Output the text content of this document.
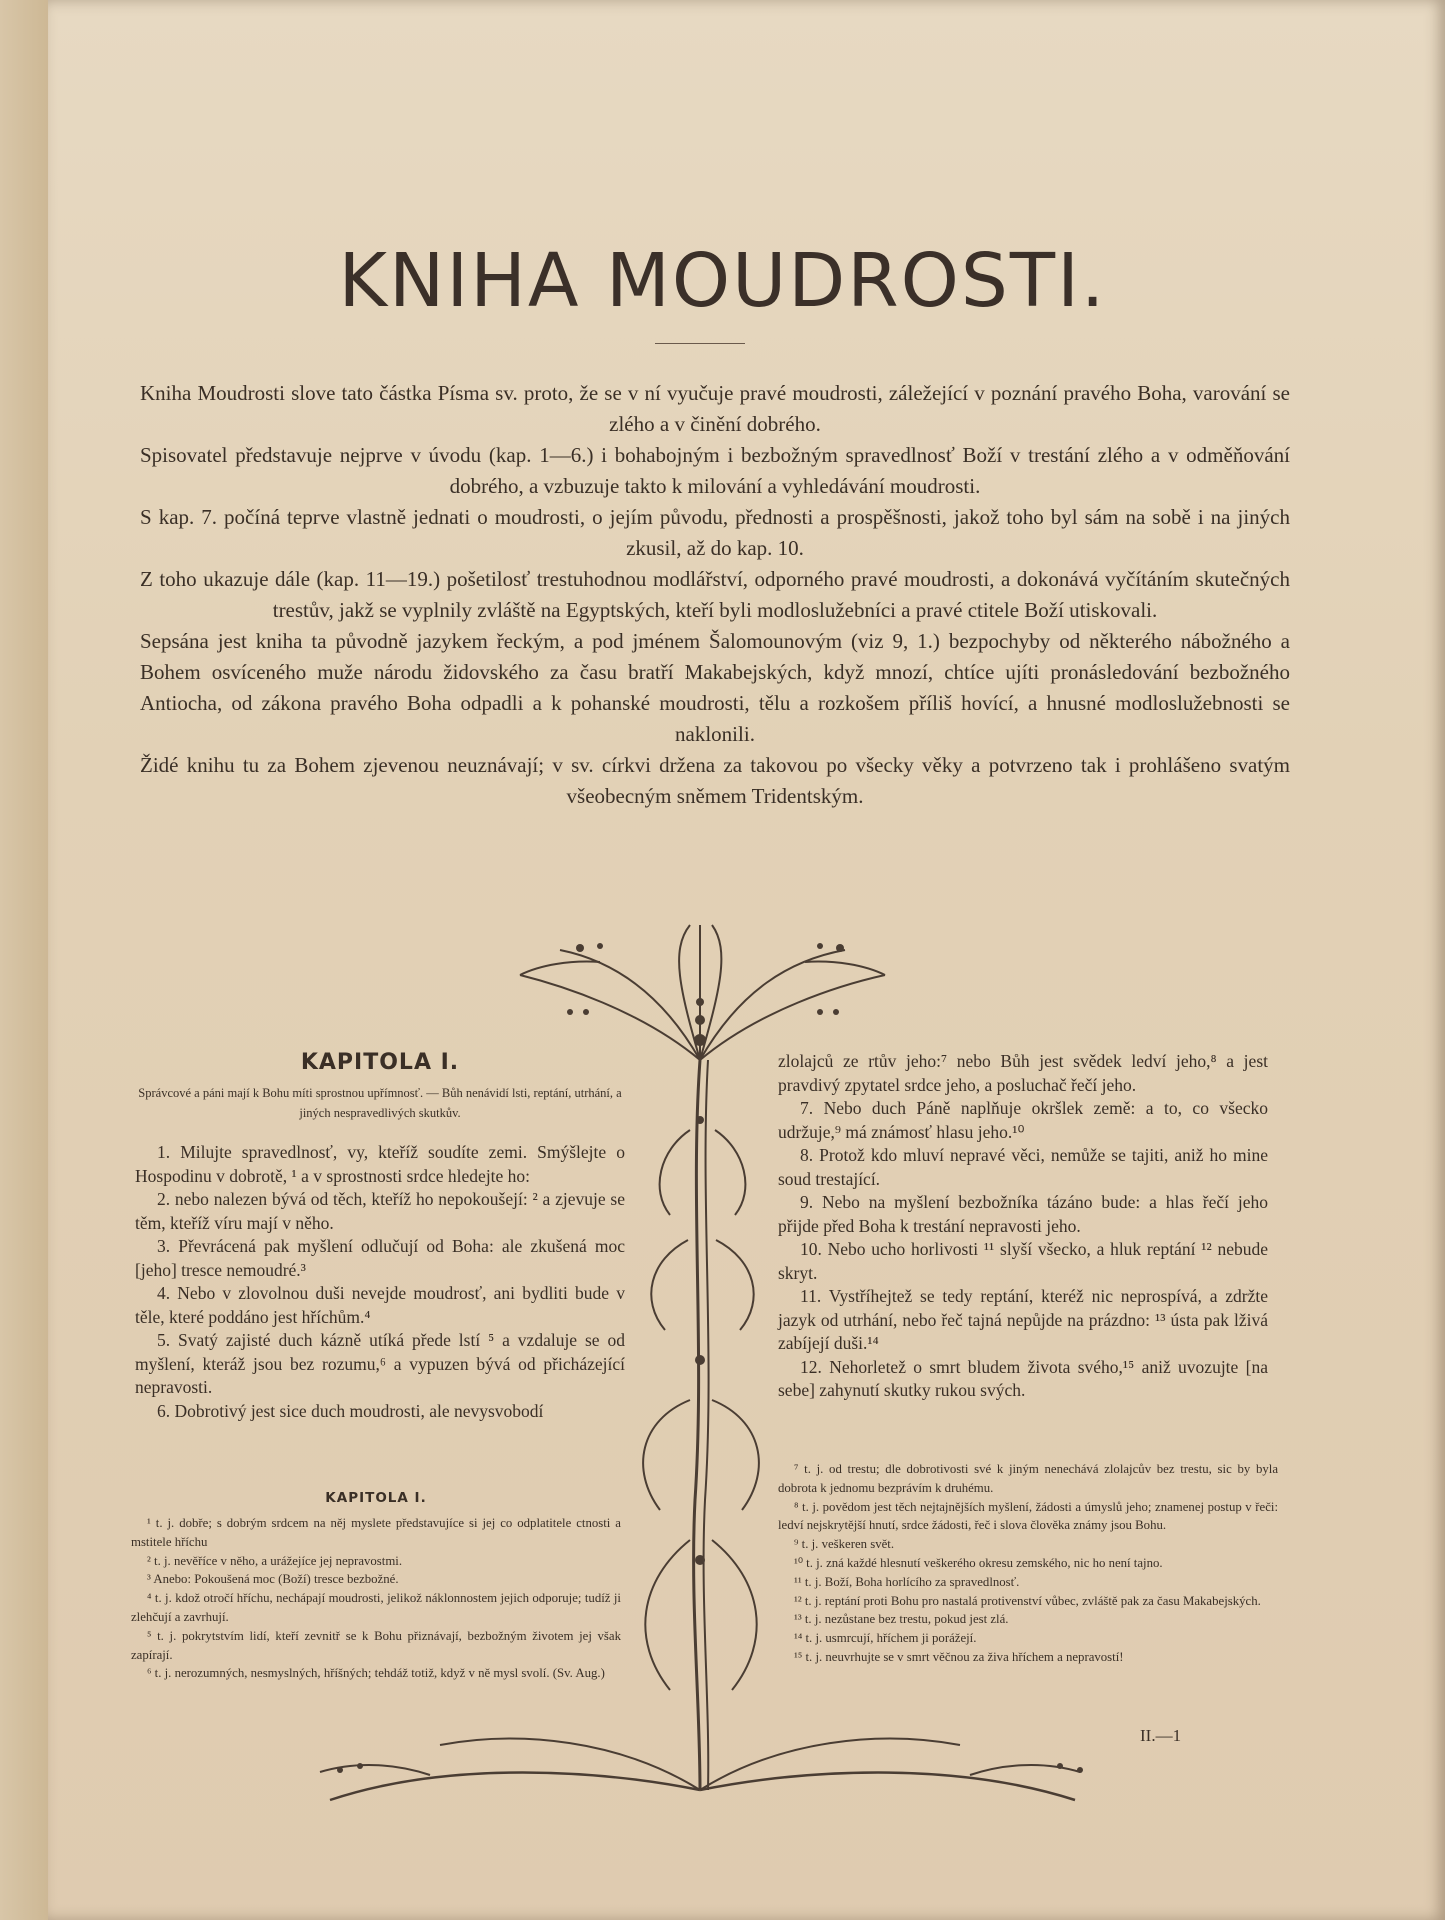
KNIHA MOUDROSTI.

Kniha Moudrosti slove tato částka Písma sv. proto, že se v ní vyučuje pravé moudrosti, záležející v poznání pravého Boha, varování se zlého a v činění dobrého.

Spisovatel představuje nejprve v úvodu (kap. 1—6.) i bohabojným i bezbožným spravedlnosť Boží v trestání zlého a v odměňování dobrého, a vzbuzuje takto k milování a vyhledávání moudrosti.

S kap. 7. počíná teprve vlastně jednati o moudrosti, o jejím původu, přednosti a prospěšnosti, jakož toho byl sám na sobě i na jiných zkusil, až do kap. 10.

Z toho ukazuje dále (kap. 11—19.) pošetilosť trestuhodnou modlářství, odporného pravé moudrosti, a dokonává vyčítáním skutečných trestův, jakž se vyplnily zvláště na Egyptských, kteří byli modloslužebníci a pravé ctitele Boží utiskovali.

Sepsána jest kniha ta původně jazykem řeckým, a pod jménem Šalomounovým (viz 9, 1.) bezpochyby od některého nábožného a Bohem osvíceného muže národu židovského za času bratří Makabejských, když mnozí, chtíce ujíti pronásledování bezbožného Antiocha, od zákona pravého Boha odpadli a k pohanské moudrosti, tělu a rozkošem příliš hovící, a hnusné modloslužebnosti se naklonili.

Židé knihu tu za Bohem zjevenou neuznávají; v sv. církvi držena za takovou po všecky věky a potvrzeno tak i prohlášeno svatým všeobecným sněmem Tridentským.

KAPITOLA I.

Správcové a páni mají k Bohu míti sprostnou upřímnosť. — Bůh nenávidí lsti, reptání, utrhání, a jiných nespravedlivých skutkův.

1. Milujte spravedlnosť, vy, kteříž soudíte zemi. Smýšlejte o Hospodinu v dobrotě, ¹ a v sprostnosti srdce hledejte ho:

2. nebo nalezen bývá od těch, kteříž ho nepokoušejí: ² a zjevuje se těm, kteříž víru mají v něho.

3. Převrácená pak myšlení odlučují od Boha: ale zkušená moc [jeho] tresce nemoudré.³

4. Nebo v zlovolnou duši nevejde moudrosť, ani bydliti bude v těle, které poddáno jest hříchům.⁴

5. Svatý zajisté duch kázně utíká přede lstí ⁵ a vzdaluje se od myšlení, kteráž jsou bez rozumu,⁶ a vypuzen bývá od přicházející nepravosti.

6. Dobrotivý jest sice duch moudrosti, ale nevysvobodí

zlolajců ze rtův jeho:⁷ nebo Bůh jest svědek ledví jeho,⁸ a jest pravdivý zpytatel srdce jeho, a posluchač řečí jeho.

7. Nebo duch Páně naplňuje okršlek země: a to, co všecko udržuje,⁹ má známosť hlasu jeho.¹⁰

8. Protož kdo mluví nepravé věci, nemůže se tajiti, aniž ho mine soud trestající.

9. Nebo na myšlení bezbožníka tázáno bude: a hlas řečí jeho přijde před Boha k trestání nepravosti jeho.

10. Nebo ucho horlivosti ¹¹ slyší všecko, a hluk reptání ¹² nebude skryt.

11. Vystříhejtež se tedy reptání, kteréž nic neprospívá, a zdržte jazyk od utrhání, nebo řeč tajná nepůjde na prázdno: ¹³ ústa pak lživá zabíjejí duši.¹⁴

12. Nehorletež o smrt bludem života svého,¹⁵ aniž uvozujte [na sebe] zahynutí skutky rukou svých.

KAPITOLA I.

¹ t. j. dobře; s dobrým srdcem na něj myslete představujíce si jej co odplatitele ctnosti a mstitele hříchu

² t. j. nevěříce v něho, a urážejíce jej nepravostmi.

³ Anebo: Pokoušená moc (Boží) tresce bezbožné.

⁴ t. j. kdož otročí hříchu, nechápají moudrosti, jelikož náklonnostem jejich odporuje; tudíž ji zlehčují a zavrhují.

⁵ t. j. pokrytstvím lidí, kteří zevnitř se k Bohu přiznávají, bezbožným životem jej však zapírají.

⁶ t. j. nerozumných, nesmyslných, hříšných; tehdáž totiž, když v ně mysl svolí. (Sv. Aug.)

⁷ t. j. od trestu; dle dobrotivosti své k jiným nenechává zlolajcův bez trestu, sic by byla dobrota k jednomu bezprávím k druhému.

⁸ t. j. povědom jest těch nejtajnějších myšlení, žádosti a úmyslů jeho; znamenej postup v řeči: ledví nejskrytější hnutí, srdce žádosti, řeč i slova člověka známy jsou Bohu.

⁹ t. j. veškeren svět.

¹⁰ t. j. zná každé hlesnutí veškerého okresu zemského, nic ho není tajno.

¹¹ t. j. Boží, Boha horlícího za spravedlnosť.

¹² t. j. reptání proti Bohu pro nastalá protivenství vůbec, zvláště pak za času Makabejských.

¹³ t. j. nezůstane bez trestu, pokud jest zlá.

¹⁴ t. j. usmrcují, hříchem ji porážejí.

¹⁵ t. j. neuvrhujte se v smrt věčnou za živa hříchem a nepravostí!

II.—1
